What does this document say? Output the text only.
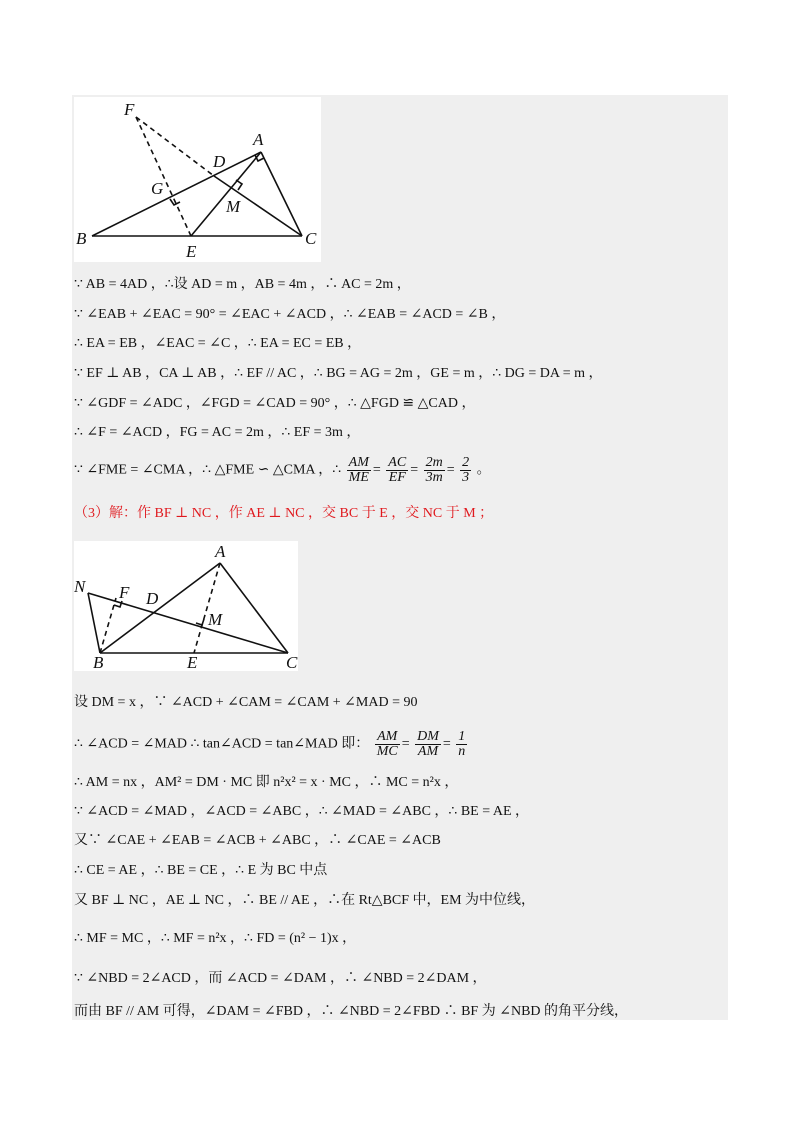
F
A
D
G
M
B
E
C
∵ AB = 4AD ，∴设 AD = m ，AB = 4m ，∴ AC = 2m ，
∵ ∠EAB + ∠EAC = 90° = ∠EAC + ∠ACD ，∴ ∠EAB = ∠ACD = ∠B ，
∴ EA = EB ，∠EAC = ∠C ，∴ EA = EC = EB ，
∵ EF ⊥ AB ，CA ⊥ AB ，∴ EF // AC ，∴ BG = AG = 2m ，GE = m ，∴ DG = DA = m ，
∵ ∠GDF = ∠ADC ，∠FGD = ∠CAD = 90° ，∴ △FGD ≌ △CAD ，
∴ ∠F = ∠ACD ，FG = AC = 2m ，∴ EF = 3m ，
∵ ∠FME = ∠CMA ，∴ △FME ∽ △CMA ，∴ $\frac{AM}{ME} = \frac{AC}{EF} = \frac{2m}{3m} = \frac{2}{3}$ 。
（3）解：作 BF ⊥ NC ，作 AE ⊥ NC ，交 BC 于 E ，交 NC 于 M ；
A
N F D
M
B	E	C
设 DM = x ，∵ ∠ACD + ∠CAM = ∠CAM + ∠MAD = 90
∴ ∠ACD = ∠MAD ∴ tan∠ACD = tan∠MAD 即： $\frac{AM}{MC} = \frac{DM}{AM} = \frac{1}{n}$
∴ AM = nx ，AM² = DM · MC 即 n²x² = x · MC ，∴ MC = n²x ，
∵ ∠ACD = ∠MAD ，∠ACD = ∠ABC ，∴ ∠MAD = ∠ABC ，∴ BE = AE ，
又∵ ∠CAE + ∠EAB = ∠ACB + ∠ABC ，∴ ∠CAE = ∠ACB
∴ CE = AE ，∴ BE = CE ，∴ E 为 BC 中点
又 BF ⊥ NC ，AE ⊥ NC ，∴ BE // AE ，∴在 Rt△BCF 中，EM 为中位线，
∴ MF = MC ，∴ MF = n²x ，∴ FD = (n² − 1)x ，
∵ ∠NBD = 2∠ACD ，而 ∠ACD = ∠DAM ，∴ ∠NBD = 2∠DAM ，
而由 BF // AM 可得，∠DAM = ∠FBD ，∴ ∠NBD = 2∠FBD ∴ BF 为 ∠NBD 的角平分线，
